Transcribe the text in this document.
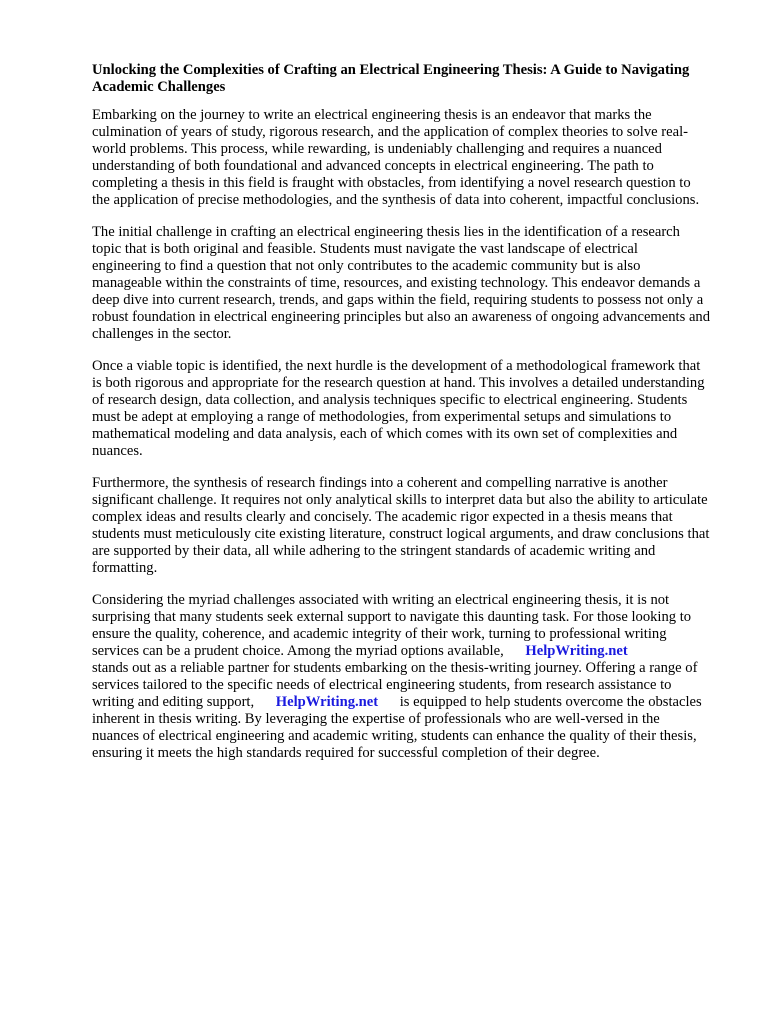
Unlocking the Complexities of Crafting an Electrical Engineering Thesis: A Guide to Navigating Academic Challenges

Embarking on the journey to write an electrical engineering thesis is an endeavor that marks the culmination of years of study, rigorous research, and the application of complex theories to solve real-world problems. This process, while rewarding, is undeniably challenging and requires a nuanced understanding of both foundational and advanced concepts in electrical engineering. The path to completing a thesis in this field is fraught with obstacles, from identifying a novel research question to the application of precise methodologies, and the synthesis of data into coherent, impactful conclusions.

The initial challenge in crafting an electrical engineering thesis lies in the identification of a research topic that is both original and feasible. Students must navigate the vast landscape of electrical engineering to find a question that not only contributes to the academic community but is also manageable within the constraints of time, resources, and existing technology. This endeavor demands a deep dive into current research, trends, and gaps within the field, requiring students to possess not only a robust foundation in electrical engineering principles but also an awareness of ongoing advancements and challenges in the sector.

Once a viable topic is identified, the next hurdle is the development of a methodological framework that is both rigorous and appropriate for the research question at hand. This involves a detailed understanding of research design, data collection, and analysis techniques specific to electrical engineering. Students must be adept at employing a range of methodologies, from experimental setups and simulations to mathematical modeling and data analysis, each of which comes with its own set of complexities and nuances.

Furthermore, the synthesis of research findings into a coherent and compelling narrative is another significant challenge. It requires not only analytical skills to interpret data but also the ability to articulate complex ideas and results clearly and concisely. The academic rigor expected in a thesis means that students must meticulously cite existing literature, construct logical arguments, and draw conclusions that are supported by their data, all while adhering to the stringent standards of academic writing and formatting.

Considering the myriad challenges associated with writing an electrical engineering thesis, it is not surprising that many students seek external support to navigate this daunting task. For those looking to ensure the quality, coherence, and academic integrity of their work, turning to professional writing services can be a prudent choice. Among the myriad options available, HelpWriting.net
stands out as a reliable partner for students embarking on the thesis-writing journey. Offering a range of services tailored to the specific needs of electrical engineering students, from research assistance to writing and editing support, HelpWriting.net is equipped to help students overcome the obstacles inherent in thesis writing. By leveraging the expertise of professionals who are well-versed in the nuances of electrical engineering and academic writing, students can enhance the quality of their thesis, ensuring it meets the high standards required for successful completion of their degree.
